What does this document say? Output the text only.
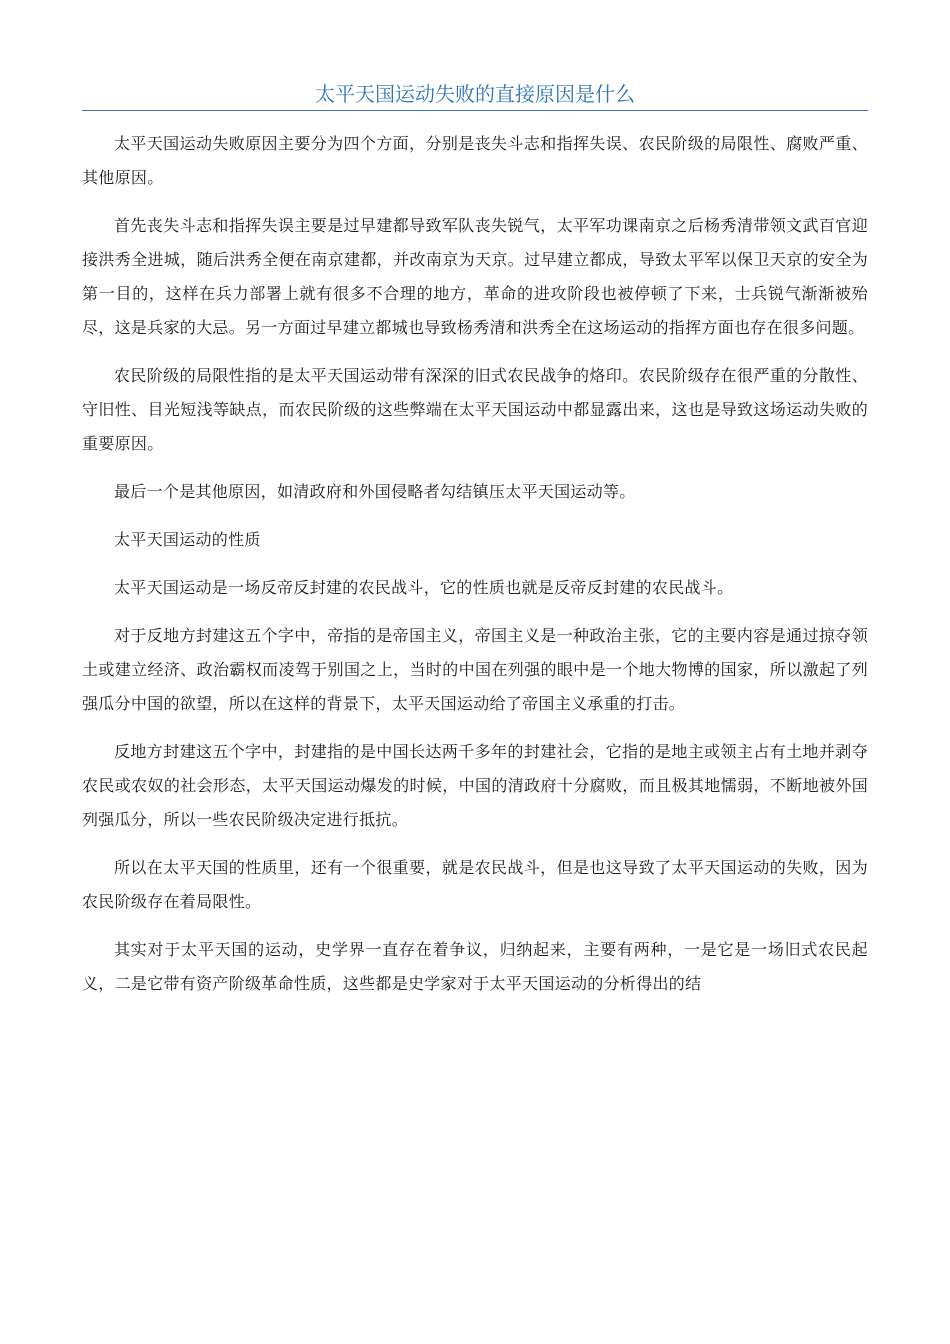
太平天国运动失败的直接原因是什么

太平天国运动失败原因主要分为四个方面，分别是丧失斗志和指挥失误、农民阶级的局限性、腐败严重、其他原因。

首先丧失斗志和指挥失误主要是过早建都导致军队丧失锐气，太平军功课南京之后杨秀清带领文武百官迎接洪秀全进城，随后洪秀全便在南京建都，并改南京为天京。过早建立都成，导致太平军以保卫天京的安全为第一目的，这样在兵力部署上就有很多不合理的地方，革命的进攻阶段也被停顿了下来，士兵锐气渐渐被殆尽，这是兵家的大忌。另一方面过早建立都城也导致杨秀清和洪秀全在这场运动的指挥方面也存在很多问题。

农民阶级的局限性指的是太平天国运动带有深深的旧式农民战争的烙印。农民阶级存在很严重的分散性、守旧性、目光短浅等缺点，而农民阶级的这些弊端在太平天国运动中都显露出来，这也是导致这场运动失败的重要原因。

最后一个是其他原因，如清政府和外国侵略者勾结镇压太平天国运动等。

太平天国运动的性质

太平天国运动是一场反帝反封建的农民战斗，它的性质也就是反帝反封建的农民战斗。

对于反地方封建这五个字中，帝指的是帝国主义，帝国主义是一种政治主张，它的主要内容是通过掠夺领土或建立经济、政治霸权而凌驾于别国之上，当时的中国在列强的眼中是一个地大物博的国家，所以激起了列强瓜分中国的欲望，所以在这样的背景下，太平天国运动给了帝国主义承重的打击。

反地方封建这五个字中，封建指的是中国长达两千多年的封建社会，它指的是地主或领主占有土地并剥夺农民或农奴的社会形态，太平天国运动爆发的时候，中国的清政府十分腐败，而且极其地懦弱，不断地被外国列强瓜分，所以一些农民阶级决定进行抵抗。

所以在太平天国的性质里，还有一个很重要，就是农民战斗，但是也这导致了太平天国运动的失败，因为农民阶级存在着局限性。

其实对于太平天国的运动，史学界一直存在着争议，归纳起来，主要有两种，一是它是一场旧式农民起义，二是它带有资产阶级革命性质，这些都是史学家对于太平天国运动的分析得出的结
